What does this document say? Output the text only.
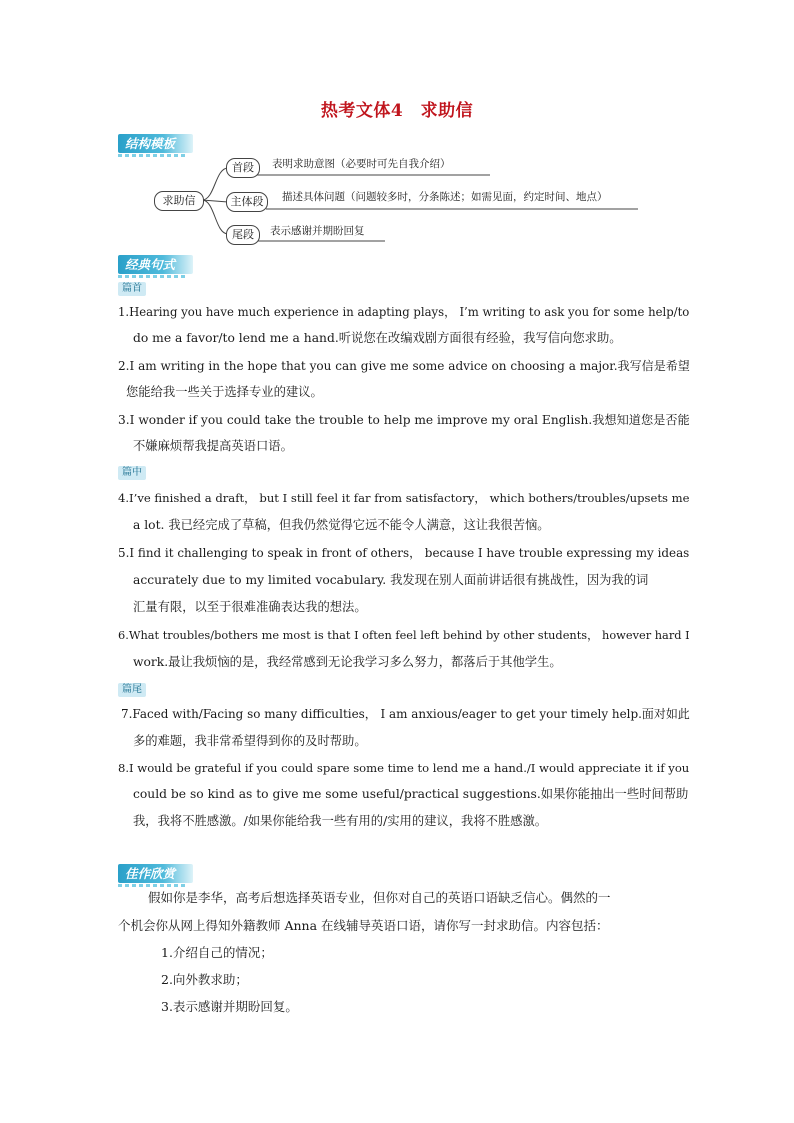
热考文体4　求助信
结构模板
求助信
首段
主体段
尾段
表明求助意图（必要时可先自我介绍）
描述具体问题（问题较多时，分条陈述；如需见面，约定时间、地点）
表示感谢并期盼回复
经典句式
篇首
1.Hearing you have much experience in adapting plays， I’m writing to ask you for some help/to
do me a favor/to lend me a hand.听说您在改编戏剧方面很有经验，我写信向您求助。
2.I am writing in the hope that you can give me some advice on choosing a major.我写信是希望
您能给我一些关于选择专业的建议。
3.I wonder if you could take the trouble to help me improve my oral English.我想知道您是否能
不嫌麻烦帮我提高英语口语。
篇中
4.I’ve finished a draft， but I still feel it far from satisfactory， which bothers/troubles/upsets me
a lot. 我已经完成了草稿，但我仍然觉得它远不能令人满意，这让我很苦恼。
5.I find it challenging to speak in front of others， because I have trouble expressing my ideas
accurately due to my limited vocabulary. 我发现在别人面前讲话很有挑战性，因为我的词
汇量有限，以至于很难准确表达我的想法。
6.What troubles/bothers me most is that I often feel left behind by other students， however hard I
work.最让我烦恼的是，我经常感到无论我学习多么努力，都落后于其他学生。
篇尾
7.Faced with/Facing so many difficulties， I am anxious/eager to get your timely help.面对如此
多的难题，我非常希望得到你的及时帮助。
8.I would be grateful if you could spare some time to lend me a hand./I would appreciate it if you
could be so kind as to give me some useful/practical suggestions.如果你能抽出一些时间帮助
我，我将不胜感激。/如果你能给我一些有用的/实用的建议，我将不胜感激。
佳作欣赏
假如你是李华，高考后想选择英语专业，但你对自己的英语口语缺乏信心。偶然的一
个机会你从网上得知外籍教师 Anna 在线辅导英语口语，请你写一封求助信。内容包括：
1.介绍自己的情况；
2.向外教求助；
3.表示感谢并期盼回复。
